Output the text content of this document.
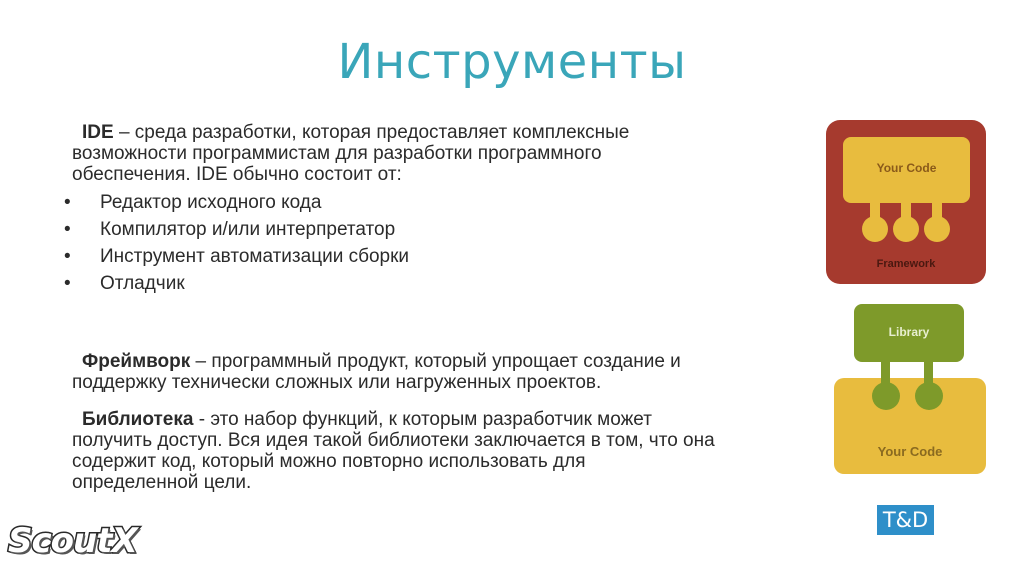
Инструменты
IDE – среда разработки, которая предоставляет комплексные
возможности программистам для разработки программного
обеспечения. IDE обычно состоит от:
•	Редактор исходного кода
•	Компилятор и/или интерпретатор
•	Инструмент автоматизации сборки
•	Отладчик
Фреймворк – программный продукт, который упрощает создание и
поддержку технически сложных или нагруженных проектов.
Библиотека - это набор функций, к которым разработчик может
получить доступ. Вся идея такой библиотеки заключается в том, что она
содержит код, который можно повторно использовать для
определенной цели.
Your Code
Framework
Your Code
Library
T&D
ScoutX
